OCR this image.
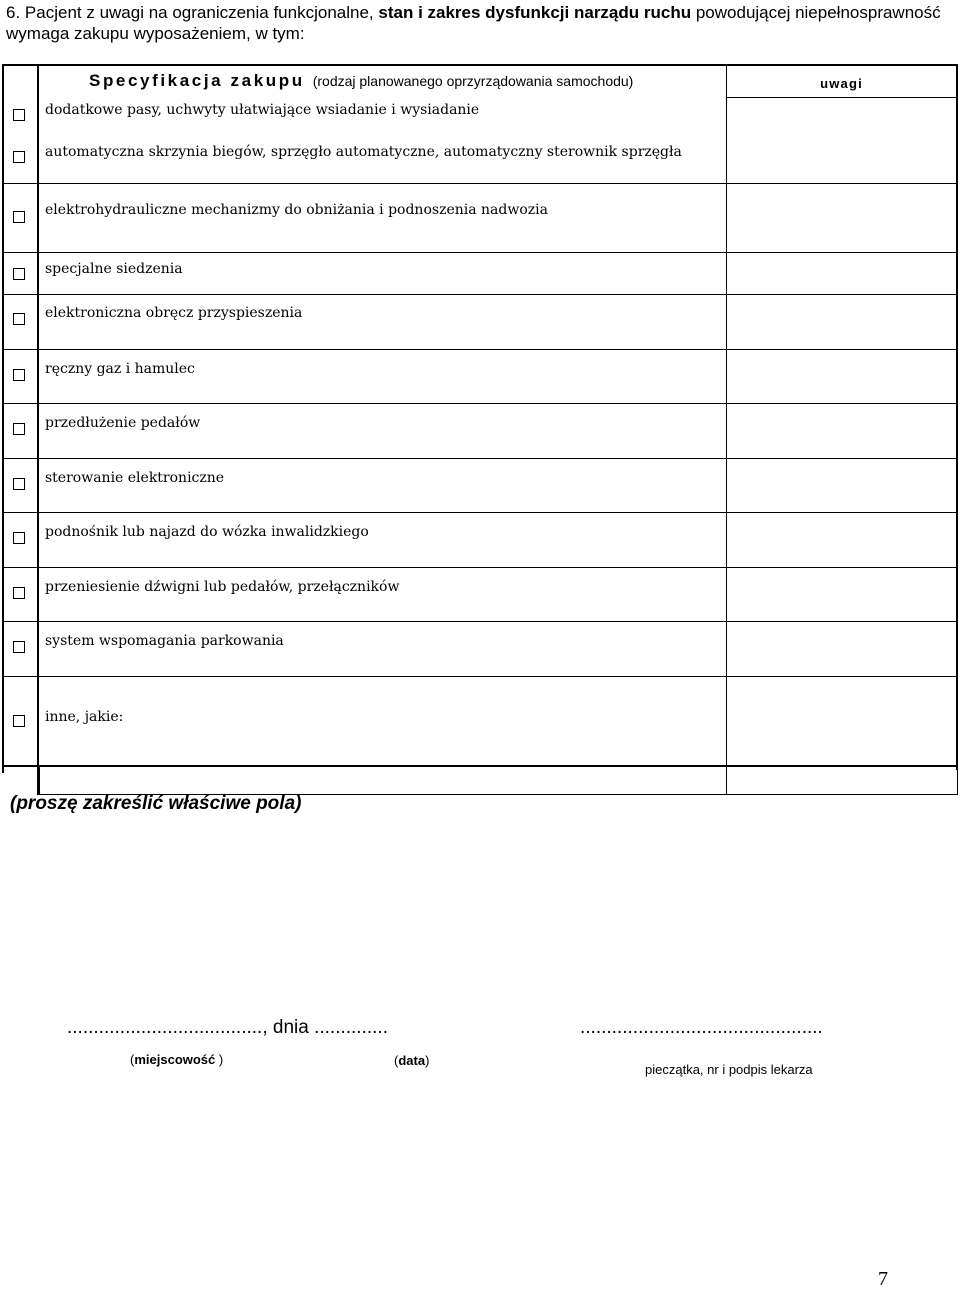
6. Pacjent z uwagi na ograniczenia funkcjonalne, stan i zakres dysfunkcji narządu ruchu powodującej niepełnosprawność wymaga zakupu wyposażeniem, w tym:
Specyfikacja zakupu (rodzaj planowanego oprzyrządowania samochodu)	uwagi
dodatkowe pasy, uchwyty ułatwiające wsiadanie i wysiadanie
automatyczna skrzynia biegów, sprzęgło automatyczne, automatyczny sterownik sprzęgła
elektrohydrauliczne mechanizmy do obniżania i podnoszenia nadwozia
specjalne siedzenia
elektroniczna obręcz przyspieszenia
ręczny gaz i hamulec
przedłużenie pedałów
sterowanie elektroniczne
podnośnik lub najazd do wózka inwalidzkiego
przeniesienie dźwigni lub pedałów, przełączników
system wspomagania parkowania
inne, jakie:
(proszę zakreślić właściwe pola)
....................................., dnia ..............	..............................................
(miejscowość )	(data)
pieczątka, nr i podpis lekarza
7
